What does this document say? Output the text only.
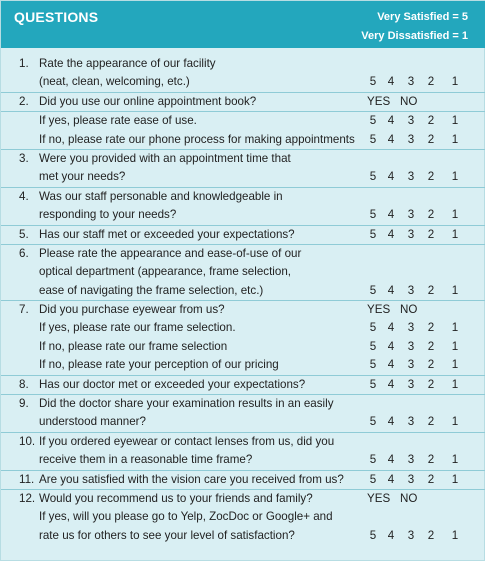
QUESTIONS	Very Satisfied = 5
Very Dissatisfied = 1
1. Rate the appearance of our facility
(neat, clean, welcoming, etc.)	5 4 3 2 1
2. Did you use our online appointment book?	YES NO
If yes, please rate ease of use.	5 4 3 2 1
If no, please rate our phone process for making appointments 5 4 3 2 1
3. Were you provided with an appointment time that
met your needs?	5 4 3 2 1
4. Was our staff personable and knowledgeable in
responding to your needs?	5 4 3 2 1
5. Has our staff met or exceeded your expectations?	5 4 3 2 1
6. Please rate the appearance and ease-of-use of our
optical department (appearance, frame selection,
ease of navigating the frame selection, etc.)	5 4 3 2 1
7. Did you purchase eyewear from us?	YES NO
If yes, please rate our frame selection.	5 4 3 2 1
If no, please rate our frame selection	5 4 3 2 1
If no, please rate your perception of our pricing	5 4 3 2 1
8. Has our doctor met or exceeded your expectations?	5 4 3 2 1
9. Did the doctor share your examination results in an easily
understood manner?	5 4 3 2 1
10. If you ordered eyewear or contact lenses from us, did you
receive them in a reasonable time frame?	5 4 3 2 1
11. Are you satisfied with the vision care you received from us? 5 4 3 2 1
12. Would you recommend us to your friends and family?	YES NO
If yes, will you please go to Yelp, ZocDoc or Google+ and
rate us for others to see your level of satisfaction?	5 4 3 2 1
